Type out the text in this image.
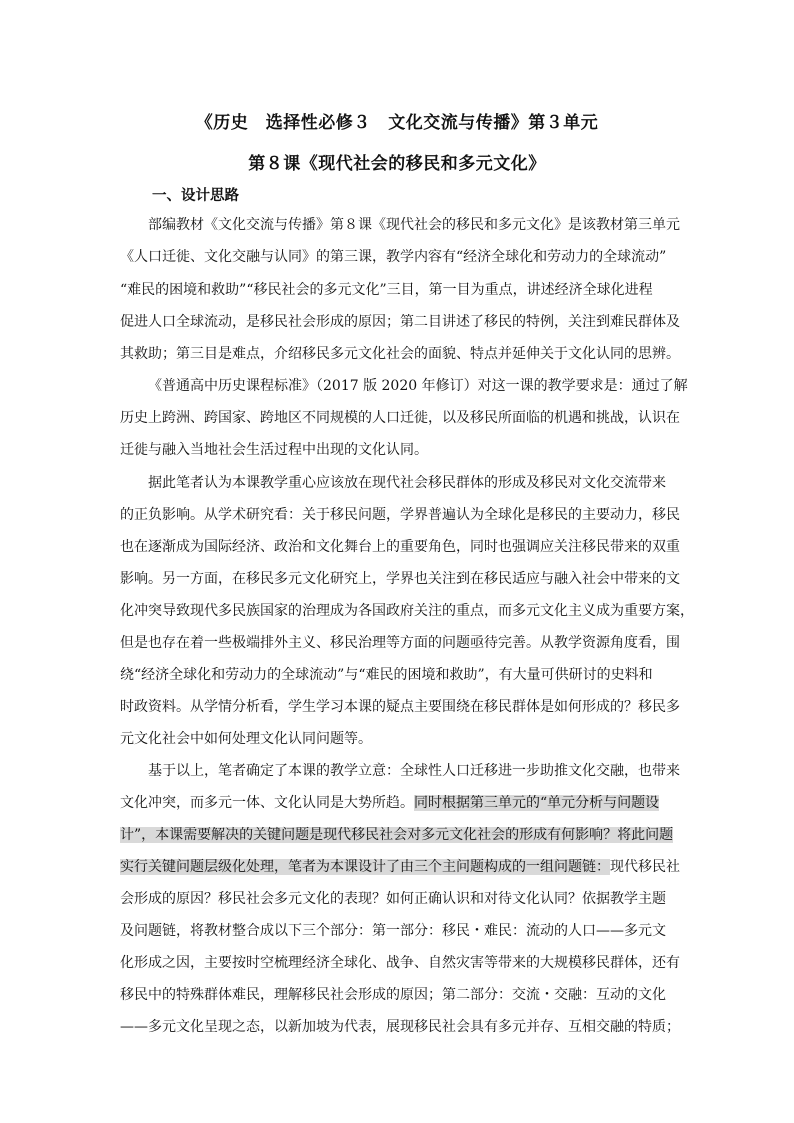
《历史　选择性必修３　文化交流与传播》第３单元
第８课《现代社会的移民和多元文化》
一、设计思路
部编教材《文化交流与传播》第８课《现代社会的移民和多元文化》是该教材第三单元
《人口迁徙、文化交融与认同》的第三课，教学内容有“经济全球化和劳动力的全球流动”
“难民的困境和救助”“移民社会的多元文化”三目，第一目为重点，讲述经济全球化进程
促进人口全球流动，是移民社会形成的原因；第二目讲述了移民的特例，关注到难民群体及
其救助；第三目是难点，介绍移民多元文化社会的面貌、特点并延伸关于文化认同的思辨。
《普通高中历史课程标准》（2017 版 2020 年修订）对这一课的教学要求是：通过了解
历史上跨洲、跨国家、跨地区不同规模的人口迁徙，以及移民所面临的机遇和挑战，认识在
迁徙与融入当地社会生活过程中出现的文化认同。
据此笔者认为本课教学重心应该放在现代社会移民群体的形成及移民对文化交流带来
的正负影响。从学术研究看：关于移民问题，学界普遍认为全球化是移民的主要动力，移民
也在逐渐成为国际经济、政治和文化舞台上的重要角色，同时也强调应关注移民带来的双重
影响。另一方面，在移民多元文化研究上，学界也关注到在移民适应与融入社会中带来的文
化冲突导致现代多民族国家的治理成为各国政府关注的重点，而多元文化主义成为重要方案，
但是也存在着一些极端排外主义、移民治理等方面的问题亟待完善。从教学资源角度看，围
绕“经济全球化和劳动力的全球流动”与“难民的困境和救助”，有大量可供研讨的史料和
时政资料。从学情分析看，学生学习本课的疑点主要围绕在移民群体是如何形成的？移民多
元文化社会中如何处理文化认同问题等。
基于以上，笔者确定了本课的教学立意：全球性人口迁移进一步助推文化交融，也带来
文化冲突，而多元一体、文化认同是大势所趋。同时根据第三单元的“单元分析与问题设
计”，本课需要解决的关键问题是现代移民社会对多元文化社会的形成有何影响？将此问题
实行关键问题层级化处理，笔者为本课设计了由三个主问题构成的一组问题链：现代移民社
会形成的原因？移民社会多元文化的表现？如何正确认识和对待文化认同？依据教学主题
及问题链，将教材整合成以下三个部分：第一部分：移民・难民：流动的人口——多元文
化形成之因，主要按时空梳理经济全球化、战争、自然灾害等带来的大规模移民群体，还有
移民中的特殊群体难民，理解移民社会形成的原因；第二部分：交流・交融：互动的文化
——多元文化呈现之态，以新加坡为代表，展现移民社会具有多元并存、互相交融的特质；
